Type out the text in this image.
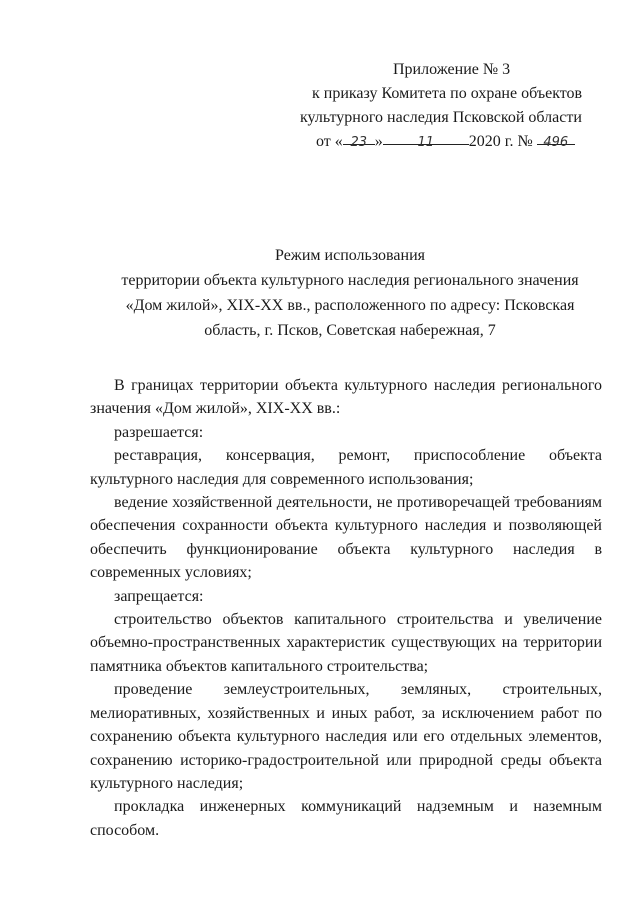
Приложение № 3
к приказу Комитета по охране объектов
культурного наследия Псковской области
от « 23 »	11 2020 г. № 496
Режим использования
территории объекта культурного наследия регионального значения
«Дом жилой», XIX-XX вв., расположенного по адресу: Псковская
область, г. Псков, Советская набережная, 7

В границах территории объекта культурного наследия регионального значения «Дом жилой», XIX-XX вв.:

разрешается:

реставрация, консервация, ремонт, приспособление объекта культурного наследия для современного использования;

ведение хозяйственной деятельности, не противоречащей требованиям обеспечения сохранности объекта культурного наследия и позволяющей обеспечить функционирование объекта культурного наследия в современных условиях;

запрещается:

строительство объектов капитального строительства и увеличение объемно-пространственных характеристик существующих на территории памятника объектов капитального строительства;

проведение землеустроительных, земляных, строительных, мелиоративных, хозяйственных и иных работ, за исключением работ по сохранению объекта культурного наследия или его отдельных элементов, сохранению историко-градостроительной или природной среды объекта культурного наследия;

прокладка инженерных коммуникаций надземным и наземным способом.
